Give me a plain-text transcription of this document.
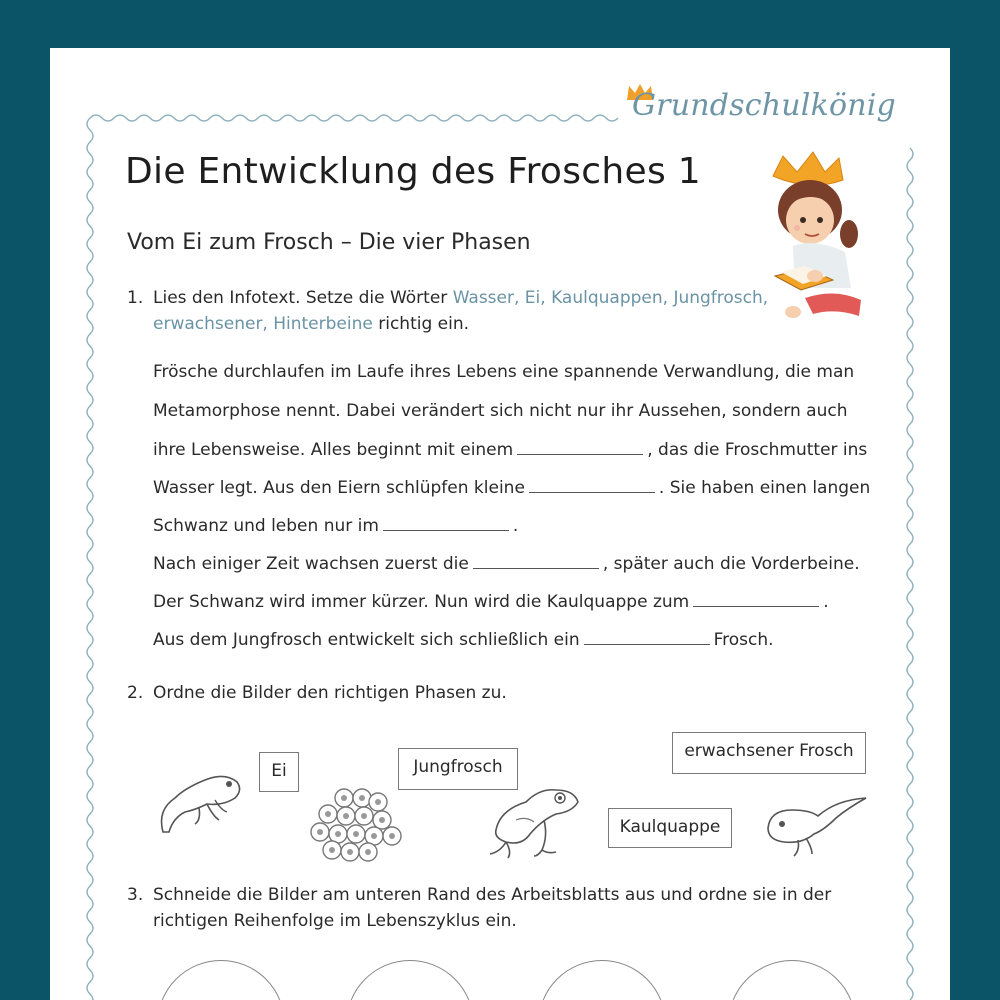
Grundschulkönig
Die Entwicklung des Frosches 1
Vom Ei zum Frosch – Die vier Phasen
1. Lies den Infotext. Setze die Wörter Wasser, Ei, Kaulquappen, Jungfrosch,
erwachsener, Hinterbeine richtig ein.
Frösche durchlaufen im Laufe ihres Lebens eine spannende Verwandlung, die man
Metamorphose nennt. Dabei verändert sich nicht nur ihr Aussehen, sondern auch
ihre Lebensweise. Alles beginnt mit einem	, das die Froschmutter ins
Wasser legt. Aus den Eiern schlüpfen kleine	. Sie haben einen langen
Schwanz und leben nur im	.
Nach einiger Zeit wachsen zuerst die	, später auch die Vorderbeine.
Der Schwanz wird immer kürzer. Nun wird die Kaulquappe zum	.
Aus dem Jungfrosch entwickelt sich schließlich ein	Frosch.
2. Ordne die Bilder den richtigen Phasen zu.
Ei	Jungfrosch
erwachsener Frosch
Kaulquappe
3. Schneide die Bilder am unteren Rand des Arbeitsblatts aus und ordne sie in der
richtigen Reihenfolge im Lebenszyklus ein.
